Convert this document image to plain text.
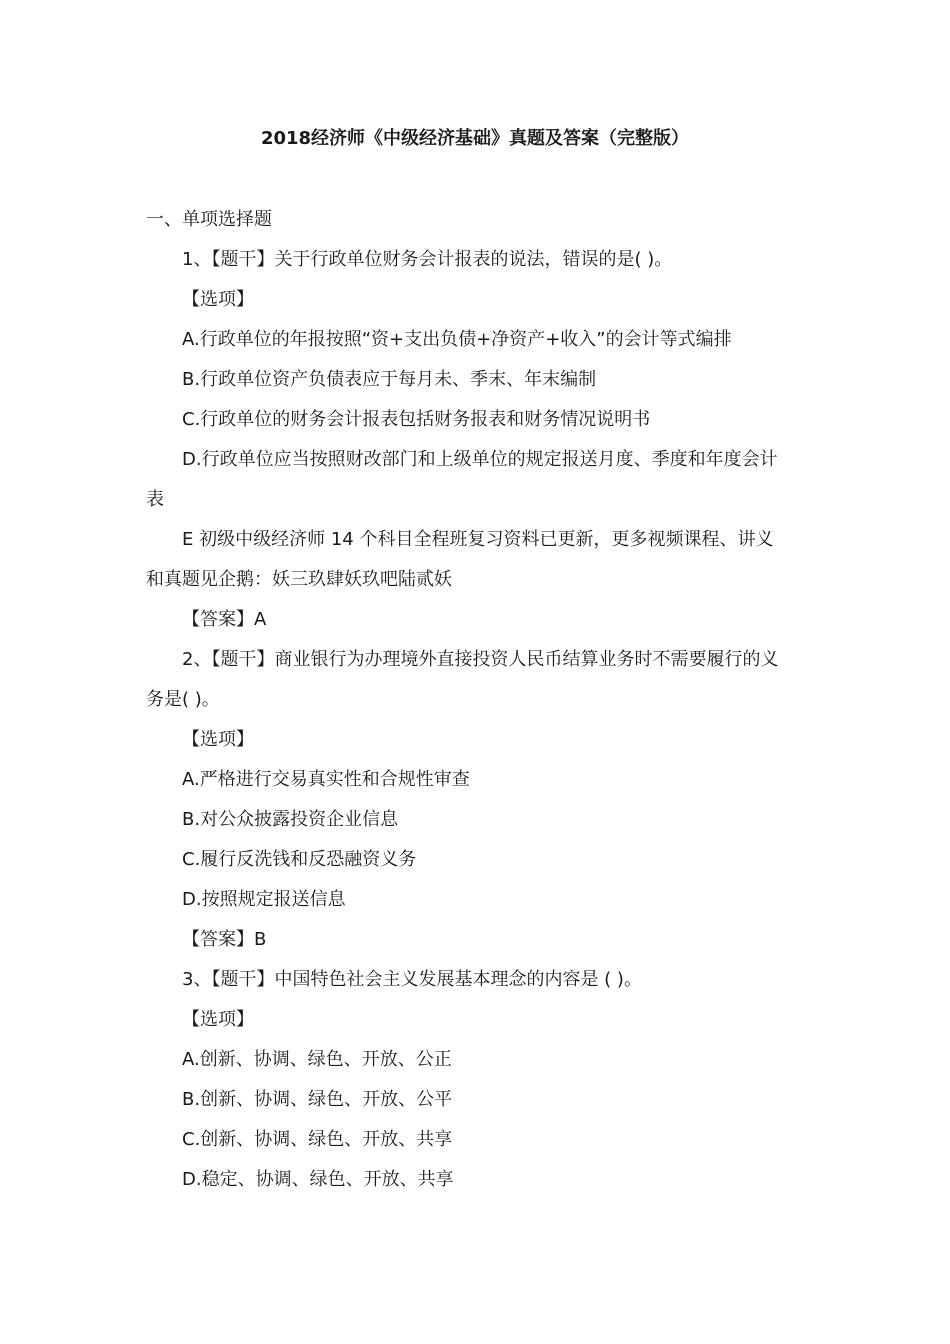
2018经济师《中级经济基础》真题及答案（完整版）
一、单项选择题
1、【题干】关于行政单位财务会计报表的说法，错误的是( )。
【选项】
A.行政单位的年报按照“资+支出负债+净资产+收入”的会计等式编排
B.行政单位资产负债表应于每月未、季末、年末编制
C.行政单位的财务会计报表包括财务报表和财务情况说明书
D.行政单位应当按照财改部门和上级单位的规定报送月度、季度和年度会计
表
E 初级中级经济师 14 个科目全程班复习资料已更新，更多视频课程、讲义
和真题见企鹅：妖三玖肆妖玖吧陆贰妖
【答案】A
2、【题干】商业银行为办理境外直接投资人民币结算业务时不需要履行的义
务是( )。
【选项】
A.严格进行交易真实性和合规性审查
B.对公众披露投资企业信息
C.履行反洗钱和反恐融资义务
D.按照规定报送信息
【答案】B
3、【题干】中国特色社会主义发展基本理念的内容是 ( )。
【选项】
A.创新、协调、绿色、开放、公正
B.创新、协调、绿色、开放、公平
C.创新、协调、绿色、开放、共享
D.稳定、协调、绿色、开放、共享
